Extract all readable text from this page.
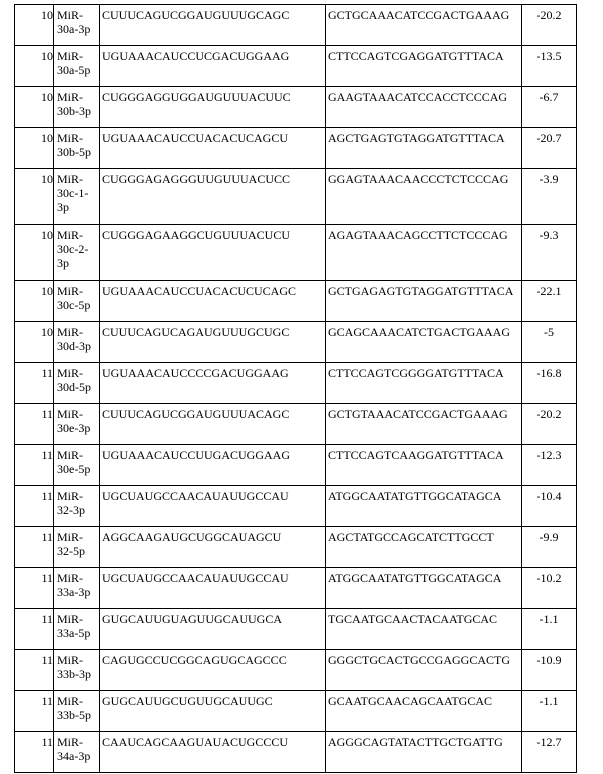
10	MiR-30a-3p	CUUUCAGUCGGAUGUUUGCAGC	GCTGCAAACATCCGACTGAAAG	-20.2
10	MiR-30a-5p	UGUAAACAUCCUCGACUGGAAG	CTTCCAGTCGAGGATGTTTACA	-13.5
10	MiR-30b-3p	CUGGGAGGUGGAUGUUUACUUC	GAAGTAAACATCCACCTCCCAG	-6.7
10	MiR-30b-5p	UGUAAACAUCCUACACUCAGCU	AGCTGAGTGTAGGATGTTTACA	-20.7
10	MiR-30c-1-3p	CUGGGAGAGGGUUGUUUACUCC	GGAGTAAACAACCCTCTCCCAG	-3.9
10	MiR-30c-2-3p	CUGGGAGAAGGCUGUUUACUCU	AGAGTAAACAGCCTTCTCCCAG	-9.3
10	MiR-30c-5p	UGUAAACAUCCUACACUCUCAGC	GCTGAGAGTGTAGGATGTTTACA	-22.1
10	MiR-30d-3p	CUUUCAGUCAGAUGUUUGCUGC	GCAGCAAACATCTGACTGAAAG	-5
11	MiR-30d-5p	UGUAAACAUCCCCGACUGGAAG	CTTCCAGTCGGGGATGTTTACA	-16.8
11	MiR-30e-3p	CUUUCAGUCGGAUGUUUACAGC	GCTGTAAACATCCGACTGAAAG	-20.2
11	MiR-30e-5p	UGUAAACAUCCUUGACUGGAAG	CTTCCAGTCAAGGATGTTTACA	-12.3
11	MiR-32-3p	UGCUAUGCCAACAUAUUGCCAU	ATGGCAATATGTTGGCATAGCA	-10.4
11	MiR-32-5p	AGGCAAGAUGCUGGCAUAGCU	AGCTATGCCAGCATCTTGCCT	-9.9
11	MiR-33a-3p	UGCUAUGCCAACAUAUUGCCAU	ATGGCAATATGTTGGCATAGCA	-10.2
11	MiR-33a-5p	GUGCAUUGUAGUUGCAUUGCA	TGCAATGCAACTACAATGCAC	-1.1
11	MiR-33b-3p	CAGUGCCUCGGCAGUGCAGCCC	GGGCTGCACTGCCGAGGCACTG	-10.9
11	MiR-33b-5p	GUGCAUUGCUGUUGCAUUGC	GCAATGCAACAGCAATGCAC	-1.1
11	MiR-34a-3p	CAAUCAGCAAGUAUACUGCCCU	AGGGCAGTATACTTGCTGATTG	-12.7
